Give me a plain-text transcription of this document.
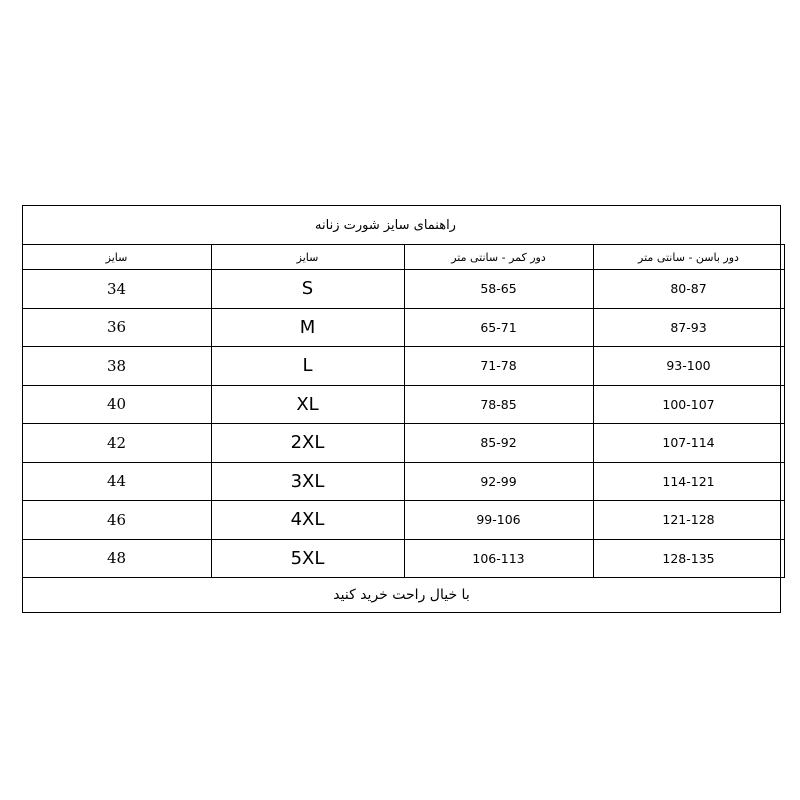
راهنمای سایز شورت زنانه
سایز	سایز	دور کمر - سانتی متر	دور باسن - سانتی متر
34	S	58-65	80-87
36	M	65-71	87-93
38	L	71-78	93-100
40	XL	78-85	100-107
42	2XL	85-92	107-114
44	3XL	92-99	114-121
46	4XL	99-106	121-128
48	5XL	106-113	128-135
با خیال راحت خرید کنید
